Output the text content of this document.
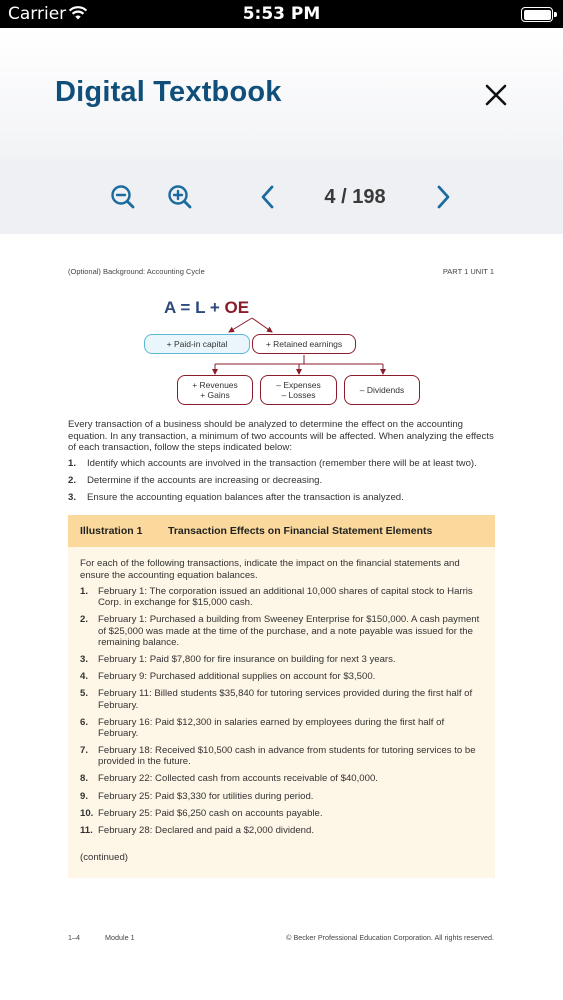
Carrier	5:53 PM
Digital Textbook
4 / 198
(Optional) Background: Accounting Cycle	PART 1 UNIT 1
A = L + OE
+ Paid-in capital	+ Retained earnings
+ Revenues
+ Gains
– Expenses
– Losses	– Dividends

Every transaction of a business should be analyzed to determine the effect on the accounting equation. In any transaction, a minimum of two accounts will be affected. When analyzing the effects of each transaction, follow the steps indicated below:

1. Identify which accounts are involved in the transaction (remember there will be at least two).
2. Determine if the accounts are increasing or decreasing.
3. Ensure the accounting equation balances after the transaction is analyzed.
Illustration 1	Transaction Effects on Financial Statement Elements

For each of the following transactions, indicate the impact on the financial statements and ensure the accounting equation balances.

1. February 1: The corporation issued an additional 10,000 shares of capital stock to Harris Corp. in exchange for $15,000 cash.
2. February 1: Purchased a building from Sweeney Enterprise for $150,000. A cash payment of $25,000 was made at the time of the purchase, and a note payable was issued for the remaining balance.
3. February 1: Paid $7,800 for fire insurance on building for next 3 years.
4. February 9: Purchased additional supplies on account for $3,500.
5. February 11: Billed students $35,840 for tutoring services provided during the first half of February.
6. February 16: Paid $12,300 in salaries earned by employees during the first half of February.
7. February 18: Received $10,500 cash in advance from students for tutoring services to be provided in the future.
8. February 22: Collected cash from accounts receivable of $40,000.
9. February 25: Paid $3,330 for utilities during period.
10. February 25: Paid $6,250 cash on accounts payable.
11. February 28: Declared and paid a $2,000 dividend.
(continued)
1–4	Module 1	© Becker Professional Education Corporation. All rights reserved.
